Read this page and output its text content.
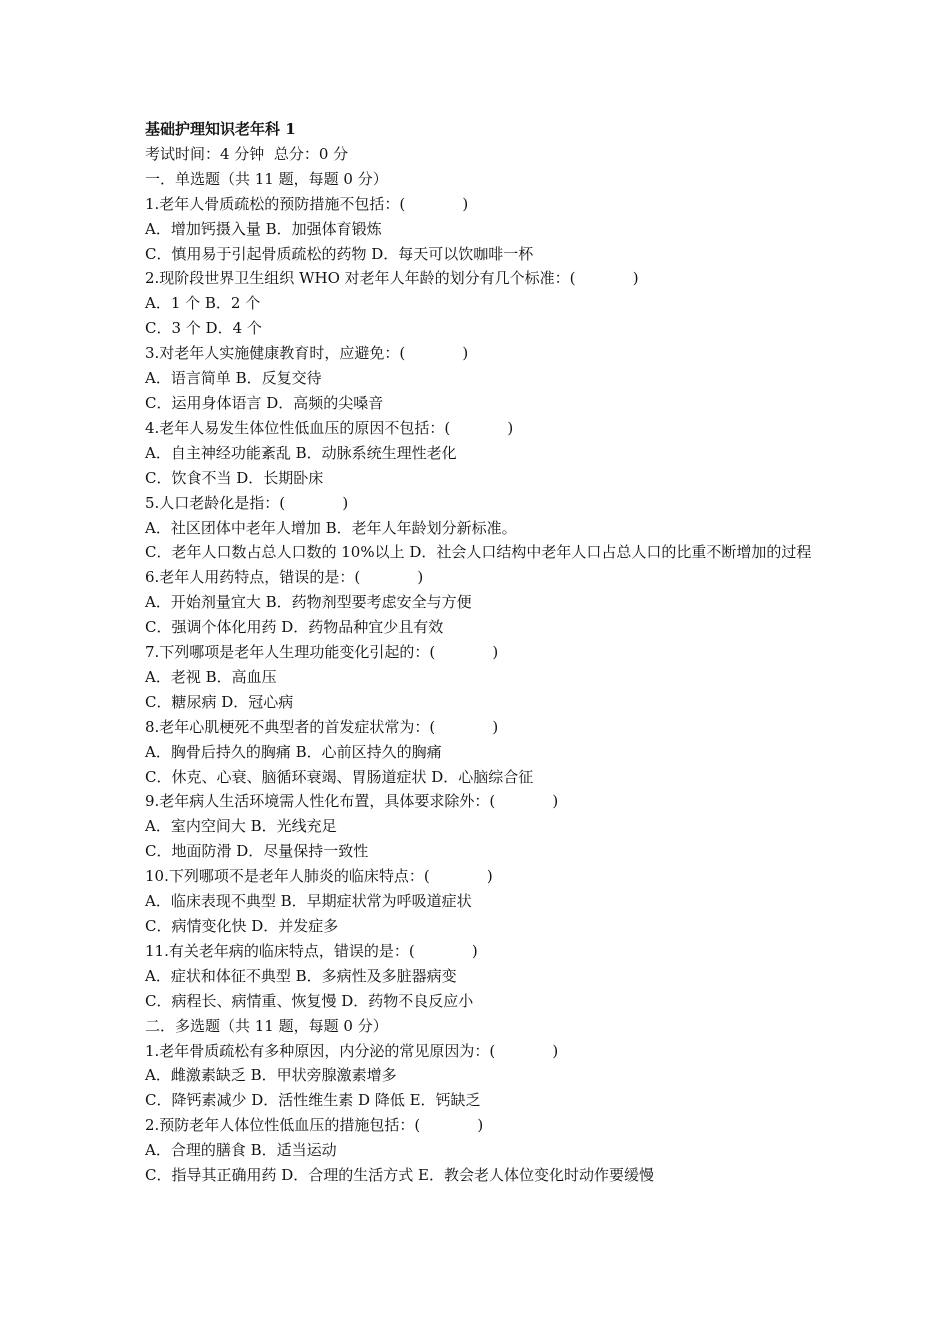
基础护理知识老年科 1

考试时间：4 分钟  总分：0 分

一．单选题（共 11 题，每题 0 分）

1.老年人骨质疏松的预防措施不包括：(            )

A．增加钙摄入量 B．加强体育锻炼

C．慎用易于引起骨质疏松的药物 D．每天可以饮咖啡一杯

2.现阶段世界卫生组织 WHO 对老年人年龄的划分有几个标准：(            )

A．1 个 B．2 个

C．3 个 D．4 个

3.对老年人实施健康教育时，应避免：(            )

A．语言简单 B．反复交待

C．运用身体语言 D．高频的尖嗓音

4.老年人易发生体位性低血压的原因不包括：(            )

A．自主神经功能紊乱 B．动脉系统生理性老化

C．饮食不当 D．长期卧床

5.人口老龄化是指：(            )

A．社区团体中老年人增加 B．老年人年龄划分新标准。

C．老年人口数占总人口数的 10%以上 D．社会人口结构中老年人口占总人口的比重不断增加的过程

6.老年人用药特点，错误的是：(            )

A．开始剂量宜大 B．药物剂型要考虑安全与方便

C．强调个体化用药 D．药物品种宜少且有效

7.下列哪项是老年人生理功能变化引起的：(            )

A．老视 B．高血压

C．糖尿病 D．冠心病

8.老年心肌梗死不典型者的首发症状常为：(            )

A．胸骨后持久的胸痛 B．心前区持久的胸痛

C．休克、心衰、脑循环衰竭、胃肠道症状 D．心脑综合征

9.老年病人生活环境需人性化布置，具体要求除外：(            )

A．室内空间大 B．光线充足

C．地面防滑 D．尽量保持一致性

10.下列哪项不是老年人肺炎的临床特点：(            )

A．临床表现不典型 B．早期症状常为呼吸道症状

C．病情变化快 D．并发症多

11.有关老年病的临床特点，错误的是：(            )

A．症状和体征不典型 B．多病性及多脏器病变

C．病程长、病情重、恢复慢 D．药物不良反应小

二．多选题（共 11 题，每题 0 分）

1.老年骨质疏松有多种原因，内分泌的常见原因为：(            )

A．雌激素缺乏 B．甲状旁腺激素增多

C．降钙素减少 D．活性维生素 D 降低 E．钙缺乏

2.预防老年人体位性低血压的措施包括：(            )

A．合理的膳食 B．适当运动

C．指导其正确用药 D．合理的生活方式 E．教会老人体位变化时动作要缓慢
